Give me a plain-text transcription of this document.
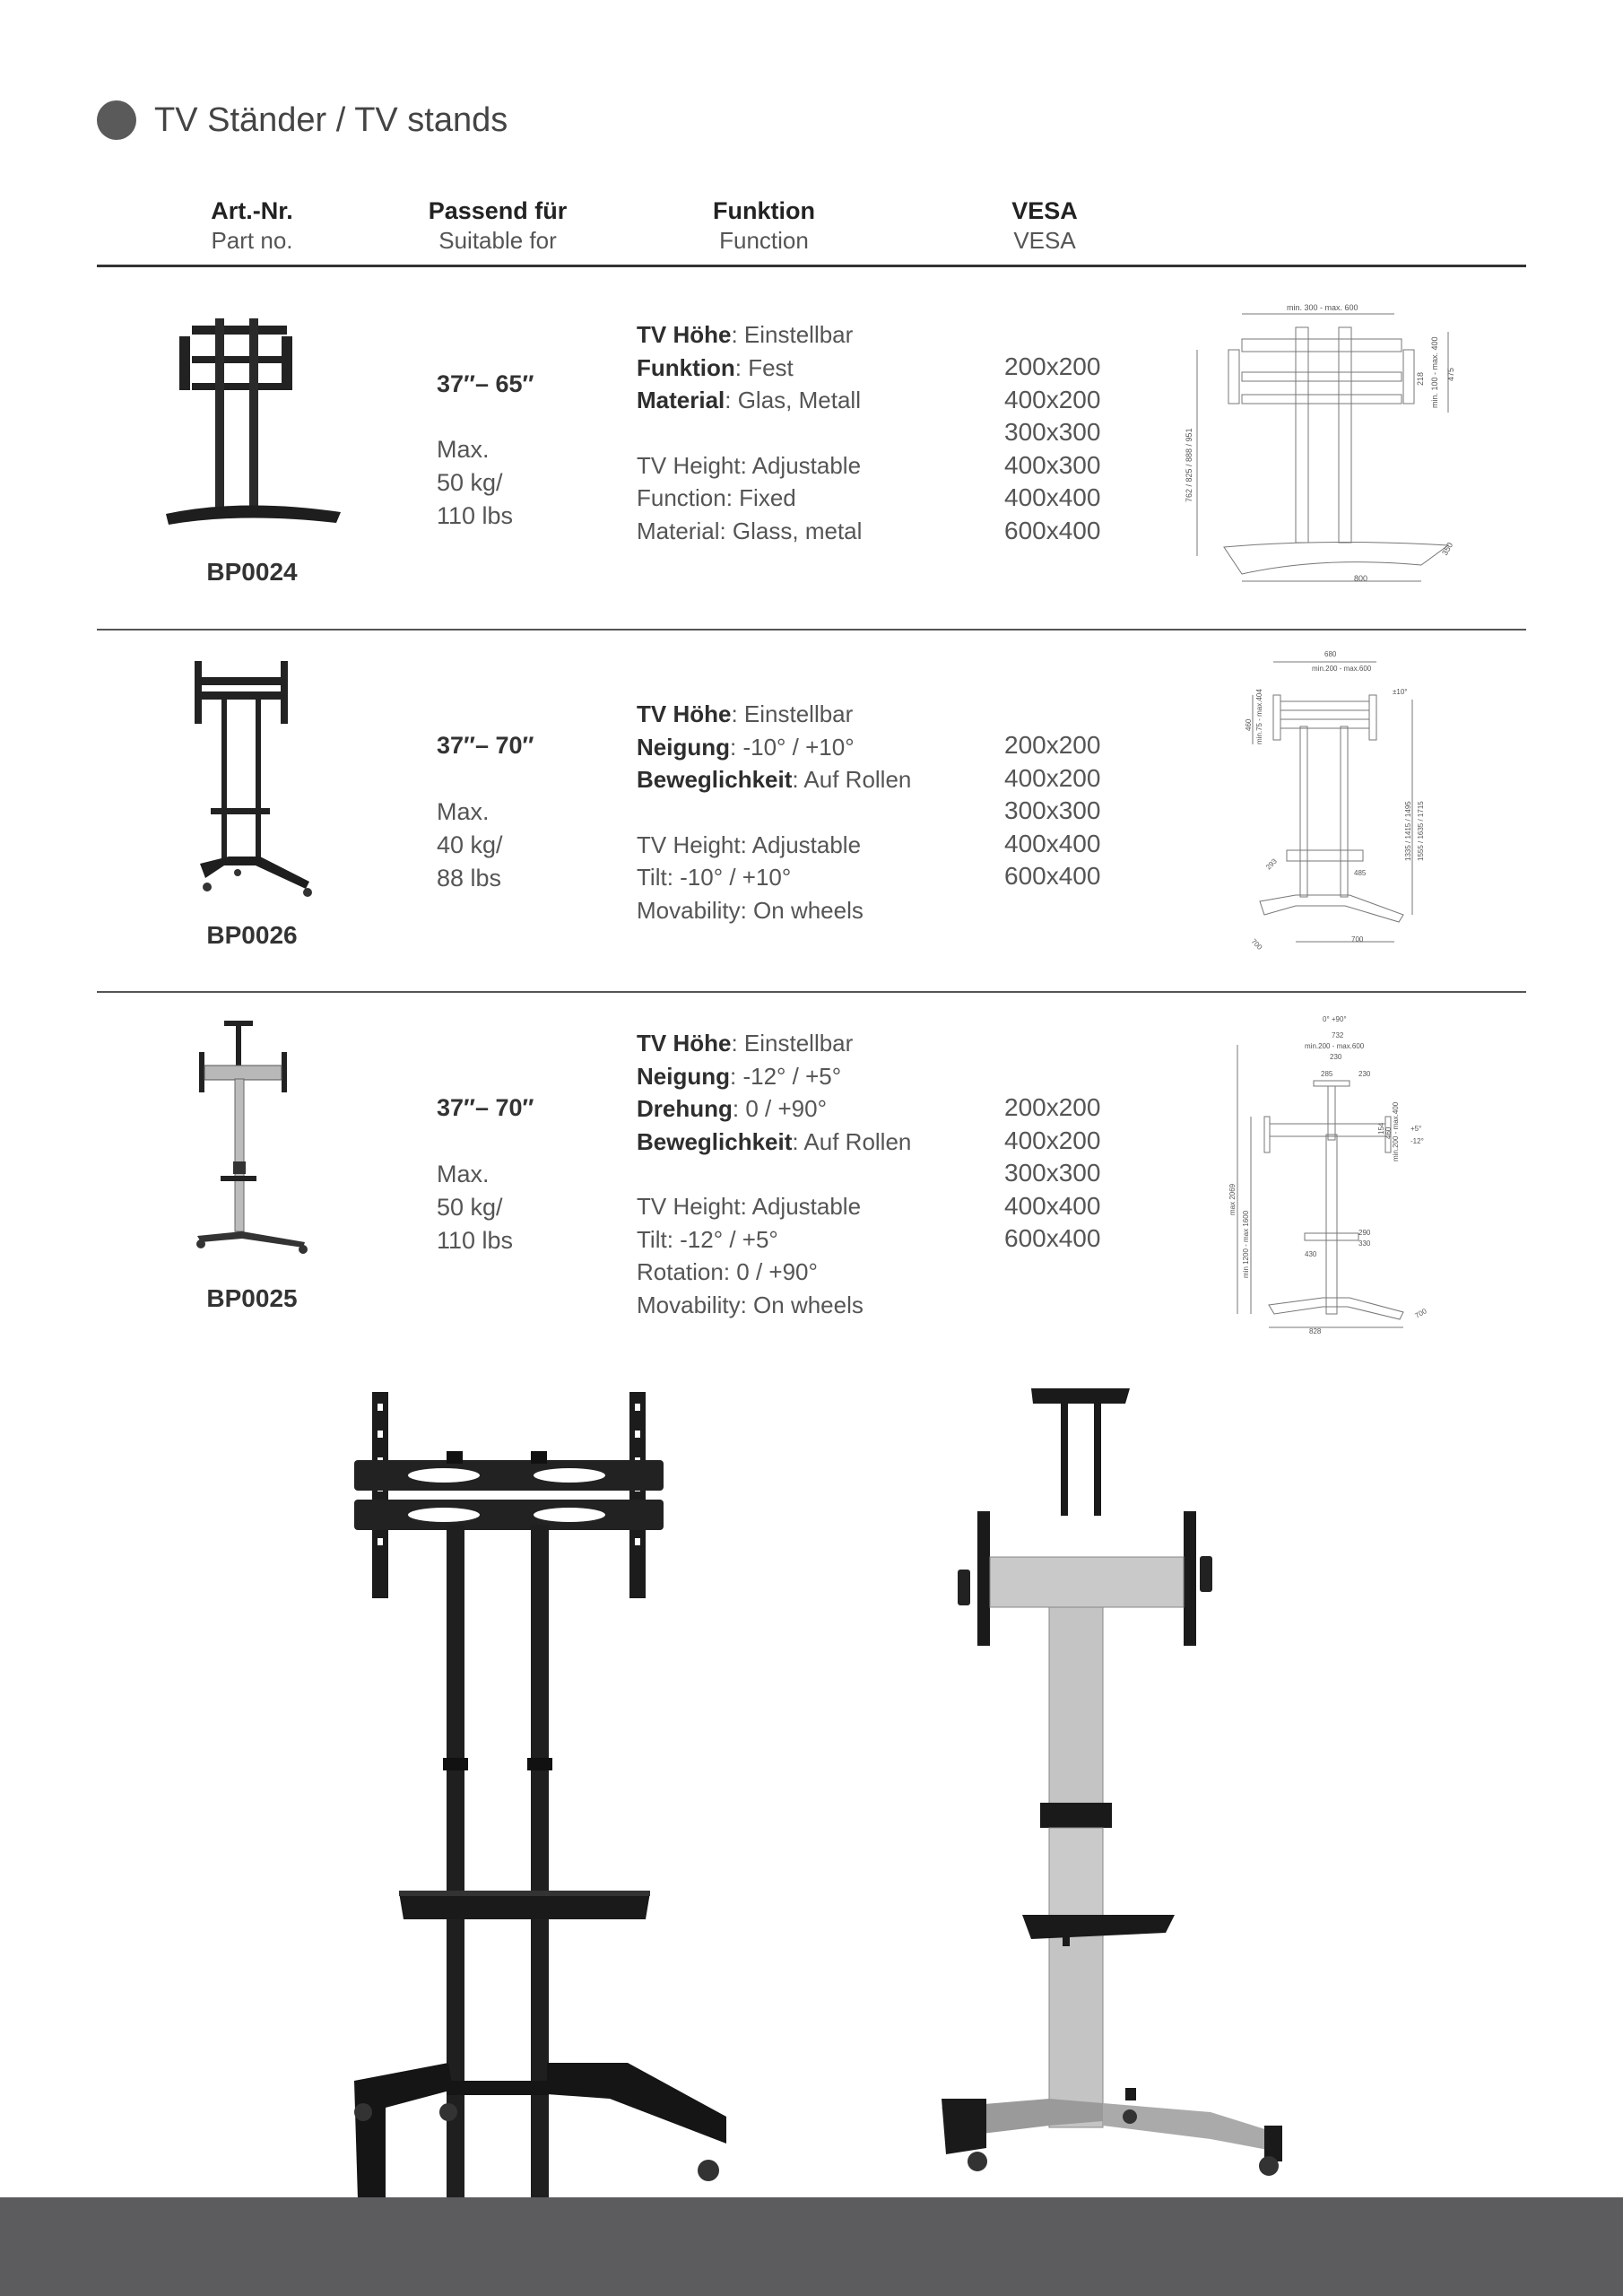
TV Ständer / TV stands
Art.-Nr.
Part no.
Passend für
Suitable for
Funktion
Function
VESA
VESA
BP0024
37″– 65″
Max.
50 kg/
110 lbs
TV Höhe: Einstellbar
Funktion: Fest
Material: Glas, Metall
TV Height: Adjustable
Function: Fixed
Material: Glass, metal
200x200
400x200
300x300
400x300
400x400
600x400
min. 300 - max. 600
762 / 825 / 888 / 951
218 min. 100 - max. 400 475
800
350
BP0026
37″– 70″
Max.
40 kg/
88 lbs
TV Höhe: Einstellbar
Neigung: -10° / +10°
Beweglichkeit: Auf Rollen
TV Height: Adjustable
Tilt: -10° / +10°
Movability: On wheels
200x200
400x200
300x300
400x400
600x400
680
min.200 - max.600
±10°
460 min.75 - max.404
1335 / 1415 / 1495 1555 / 1635 / 1715
293
485
700
700
BP0025
37″– 70″
Max.
50 kg/
110 lbs
TV Höhe: Einstellbar
Neigung: -12° / +5°
Drehung: 0 / +90°
Beweglichkeit: Auf Rollen
TV Height: Adjustable
Tilt: -12° / +5°
Rotation: 0 / +90°
Movability: On wheels
200x200
400x200
300x300
400x400
600x400
0° +90°
732
min.200 - max.600
230
285	230
+5°
-12°
min.200 - max.400
460
154
290
330
430
max 2069
min 1200 - max 1600
828
700
